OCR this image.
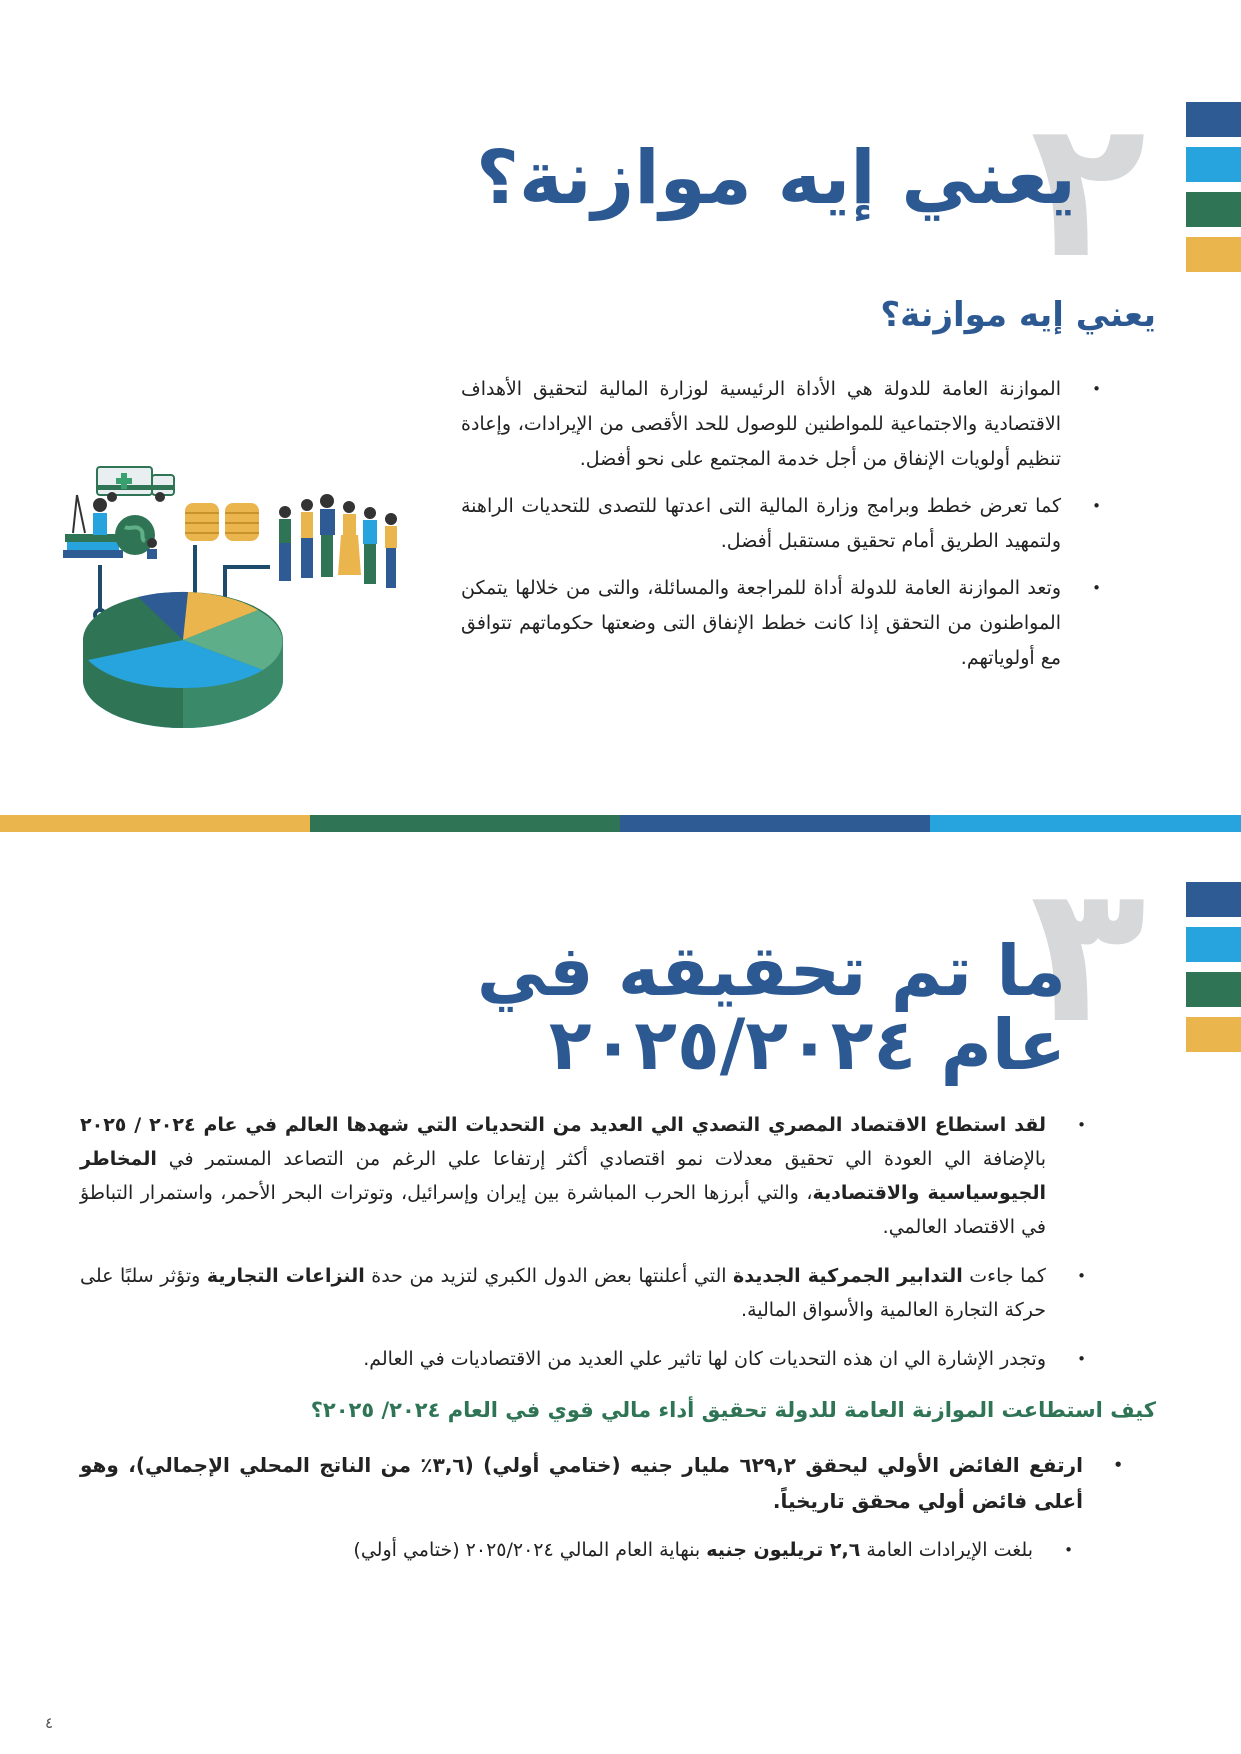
٢
يعني إيه موازنة؟
يعني إيه موازنة؟
• الموازنة العامة للدولة هي الأداة الرئيسية لوزارة المالية لتحقيق الأهداف الاقتصادية والاجتماعية للمواطنين للوصول للحد الأقصى من الإيرادات، وإعادة تنظيم أولويات الإنفاق من أجل خدمة المجتمع على نحو أفضل.
• كما تعرض خطط وبرامج وزارة المالية التى اعدتها للتصدى للتحديات الراهنة ولتمهيد الطريق أمام تحقيق مستقبل أفضل.
• وتعد الموازنة العامة للدولة أداة للمراجعة والمسائلة، والتى من خلالها يتمكن المواطنون من التحقق إذا كانت خطط الإنفاق التى وضعتها حكوماتهم تتوافق مع أولوياتهم.
٣
ما تم تحقيقه في
عام ٢٠٢٥/٢٠٢٤
• لقد استطاع الاقتصاد المصري التصدي الي العديد من التحديات التي شهدها العالم في عام ٢٠٢٤ / ٢٠٢٥ بالإضافة الي العودة الي تحقيق معدلات نمو اقتصادي أكثر إرتفاعا علي الرغم من التصاعد المستمر في المخاطر الجيوسياسية والاقتصادية، والتي أبرزها الحرب المباشرة بين إيران وإسرائيل، وتوترات البحر الأحمر، واستمرار التباطؤ في الاقتصاد العالمي.
• كما جاءت التدابير الجمركية الجديدة التي أعلنتها بعض الدول الكبري لتزيد من حدة النزاعات التجارية وتؤثر سلبًا على حركة التجارة العالمية والأسواق المالية.
• وتجدر الإشارة الي ان هذه التحديات كان لها تاثير علي العديد من الاقتصاديات في العالم.
كيف استطاعت الموازنة العامة للدولة تحقيق أداء مالي قوي في العام ٢٠٢٤/ ٢٠٢٥؟
• ارتفع الفائض الأولي ليحقق ٦٢٩,٢ مليار جنيه (ختامي أولي) (٣,٦٪ من الناتج المحلي الإجمالي)، وهو أعلى فائض أولي محقق تاريخياً.
• بلغت الإيرادات العامة ٢,٦ تريليون جنيه بنهاية العام المالي ٢٠٢٥/٢٠٢٤ (ختامي أولي)
٤
